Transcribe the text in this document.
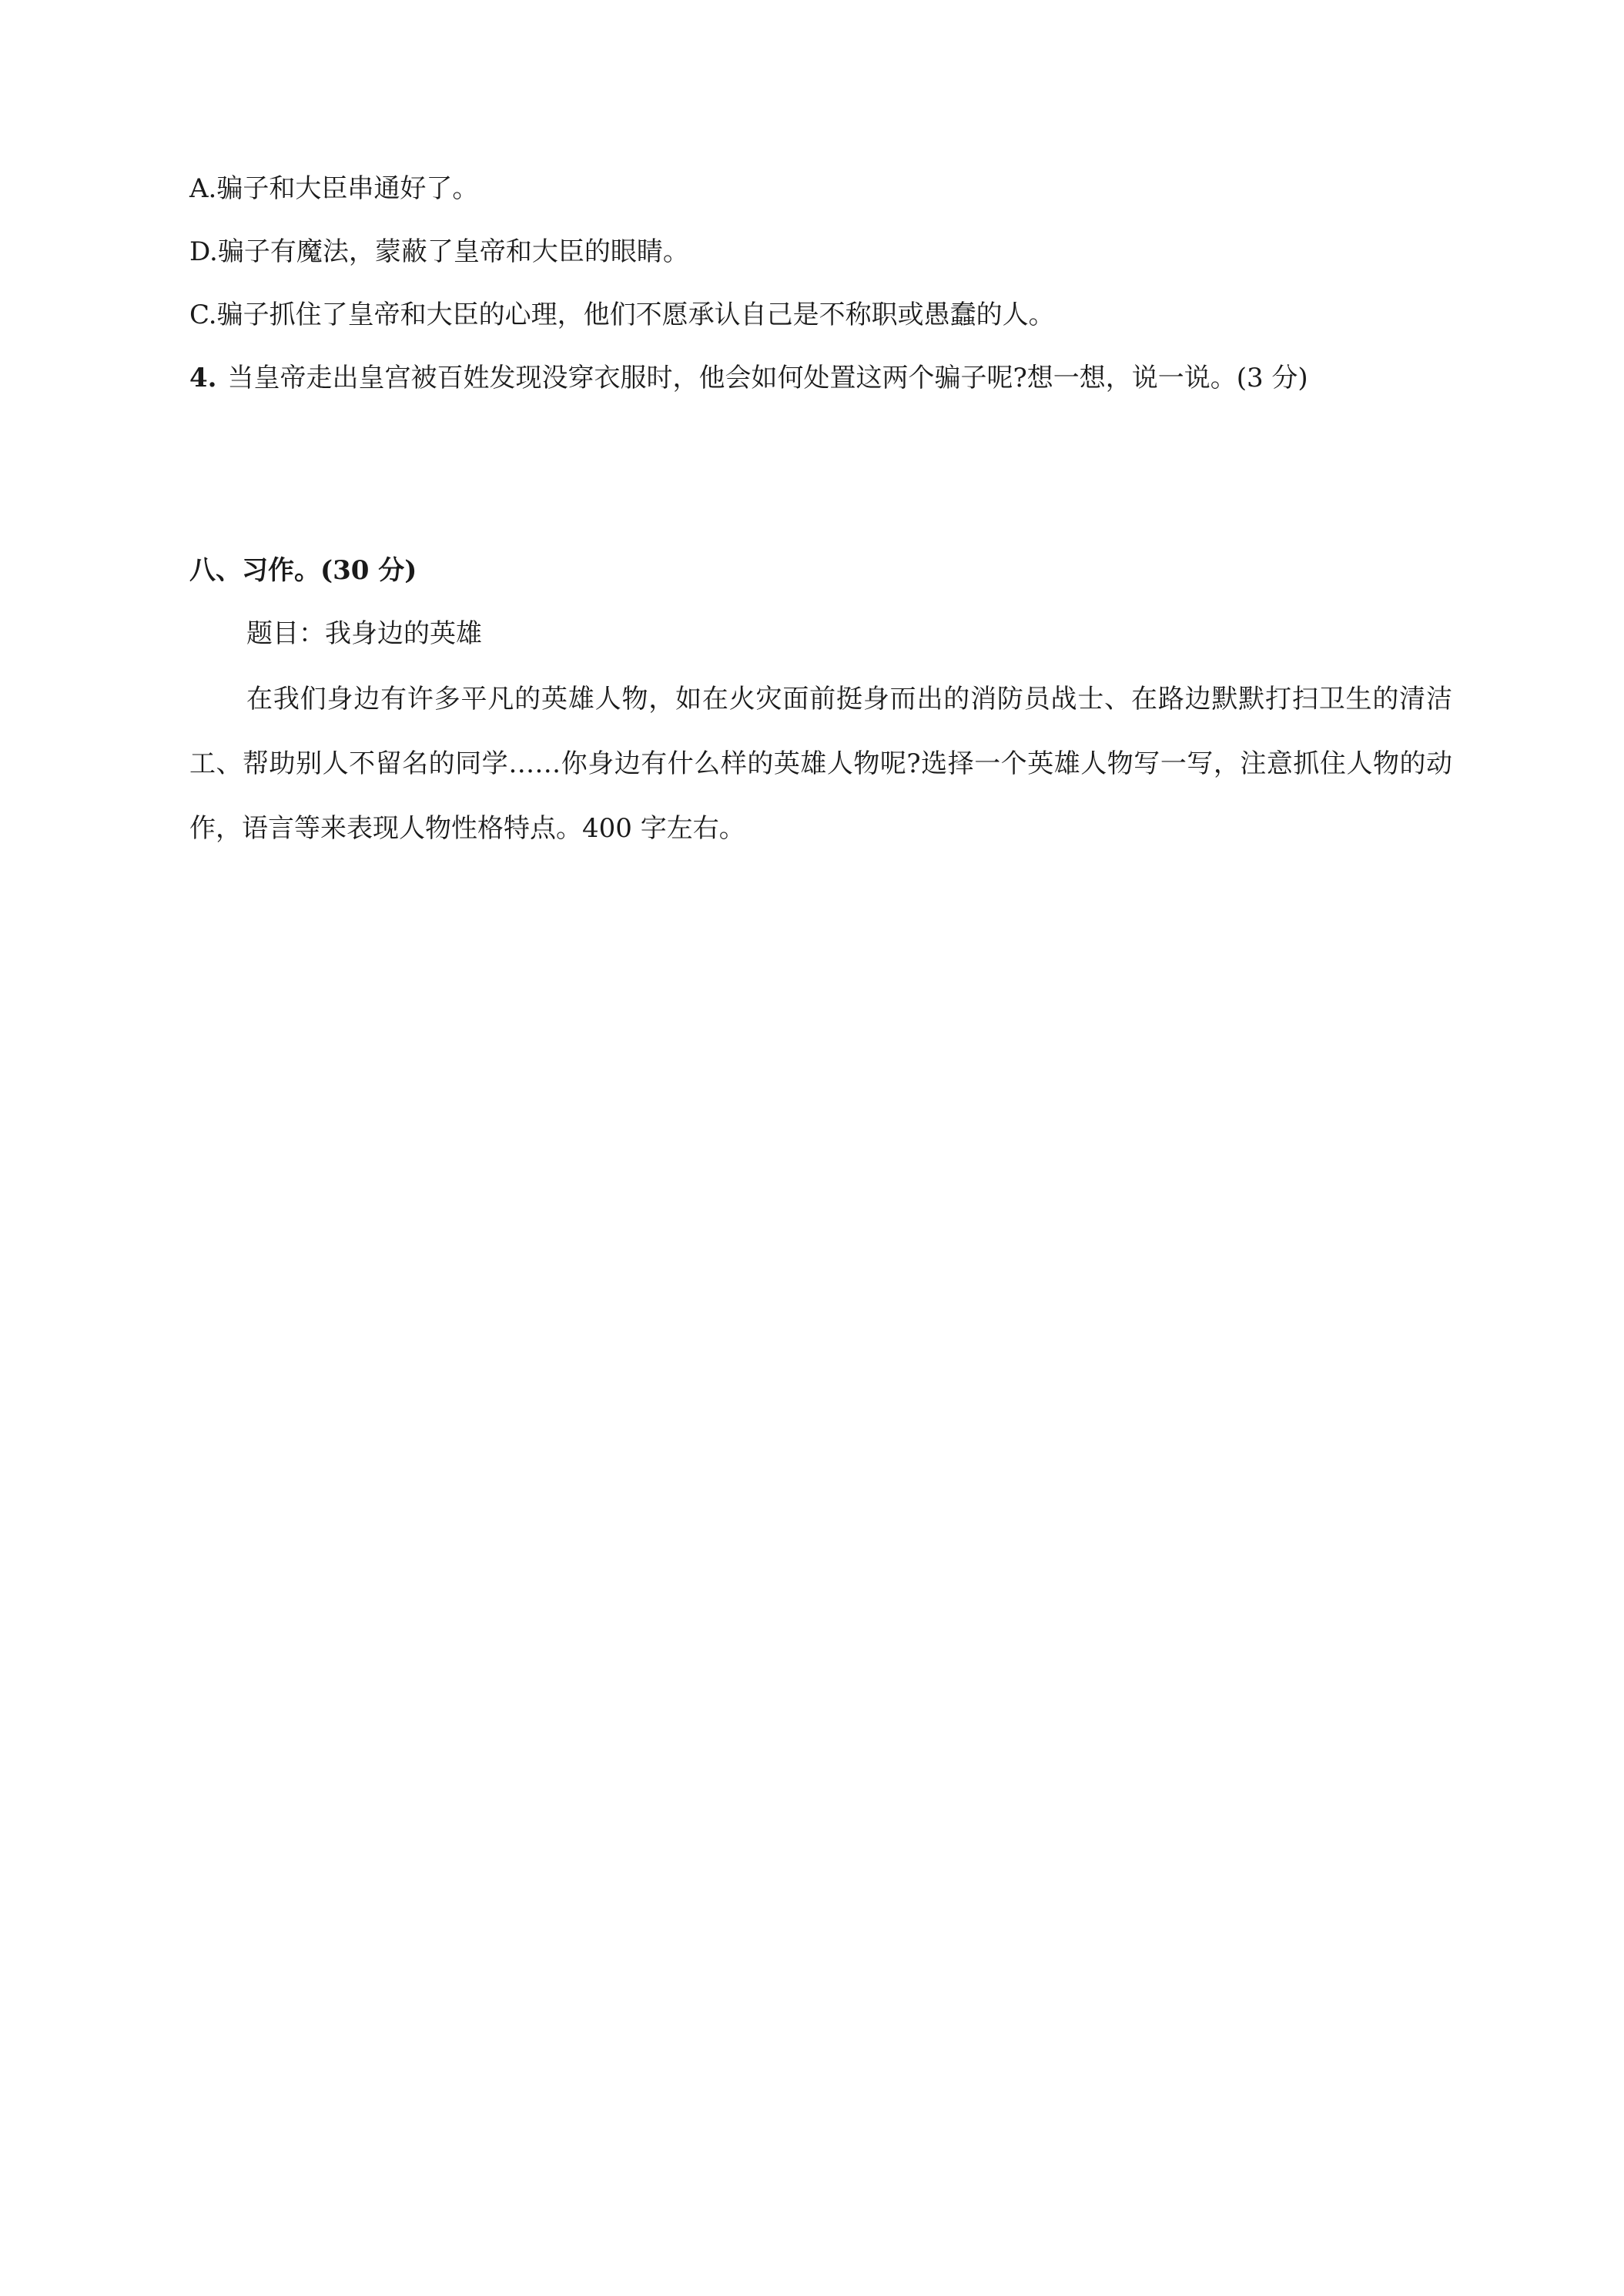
A.骗子和大臣串通好了。
D.骗子有魔法，蒙蔽了皇帝和大臣的眼睛。
C.骗子抓住了皇帝和大臣的心理，他们不愿承认自己是不称职或愚蠢的人。
4. 当皇帝走出皇宫被百姓发现没穿衣服时，他会如何处置这两个骗子呢?想一想，说一说。(3 分)
八、习作。(30 分)
题目：我身边的英雄
在我们身边有许多平凡的英雄人物，如在火灾面前挺身而出的消防员战士、在路边默默打扫卫生的清洁工、帮助别人不留名的同学……你身边有什么样的英雄人物呢?选择一个英雄人物写一写，注意抓住人物的动作，语言等来表现人物性格特点。400 字左右。
